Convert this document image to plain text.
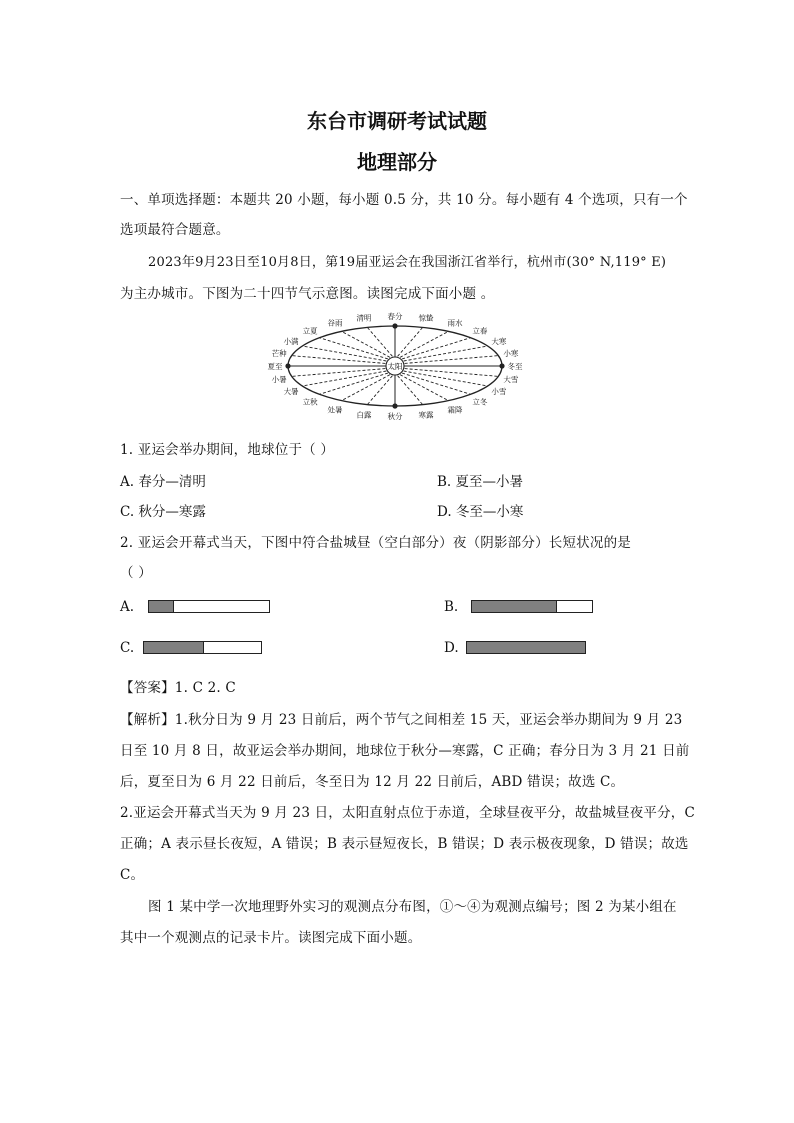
东台市调研考试试题
地理部分
一、单项选择题：本题共 20 小题，每小题 0.5 分，共 10 分。每小题有 4 个选项，只有一个
选项最符合题意。
2023年9月23日至10月8日，第19届亚运会在我国浙江省举行，杭州市(30° N,119° E)
为主办城市。下图为二十四节气示意图。读图完成下面小题 。
太阳
春分 惊蛰
雨水
立春
大寒
小寒
冬至
大雪
小雪
立冬
霜降
寒露
秋分
白露
处暑
立秋
大暑
小暑
夏至
芒种
小满
立夏
谷雨
清明
1. 亚运会举办期间，地球位于（ ）
A. 春分—清明	B. 夏至—小暑
C. 秋分—寒露	D. 冬至—小寒
2. 亚运会开幕式当天，下图中符合盐城昼（空白部分）夜（阴影部分）长短状况的是
（ ）
A.	B.
C.	D.
【答案】1. C 2. C
【解析】1.秋分日为 9 月 23 日前后，两个节气之间相差 15 天，亚运会举办期间为 9 月 23
日至 10 月 8 日，故亚运会举办期间，地球位于秋分—寒露，C 正确；春分日为 3 月 21 日前
后，夏至日为 6 月 22 日前后，冬至日为 12 月 22 日前后，ABD 错误；故选 C。
2.亚运会开幕式当天为 9 月 23 日，太阳直射点位于赤道，全球昼夜平分，故盐城昼夜平分，C
正确；A 表示昼长夜短，A 错误；B 表示昼短夜长，B 错误；D 表示极夜现象，D 错误；故选
C。
图 1 某中学一次地理野外实习的观测点分布图，①～④为观测点编号；图 2 为某小组在
其中一个观测点的记录卡片。读图完成下面小题。
